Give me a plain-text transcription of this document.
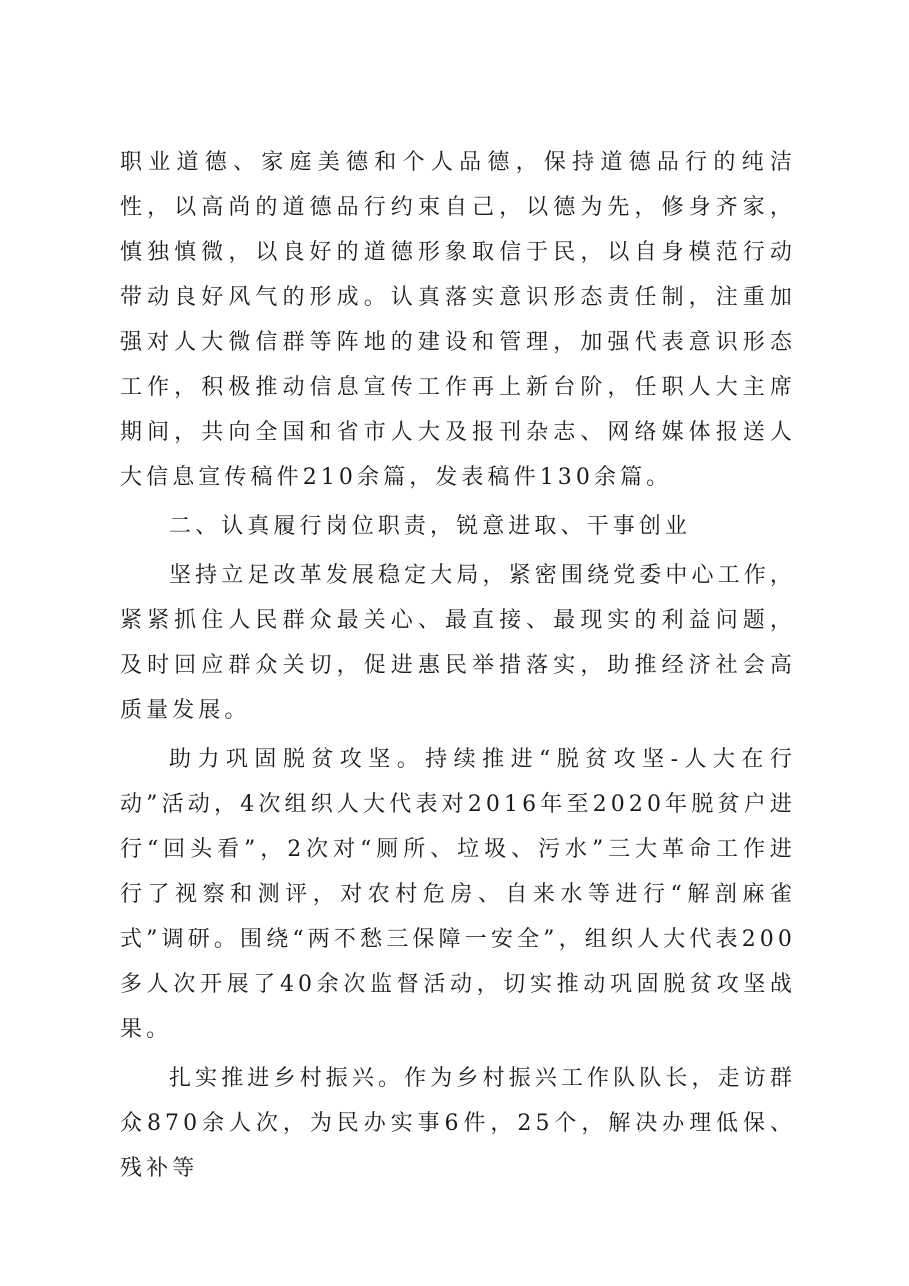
职业道德、家庭美德和个人品德，保持道德品行的纯洁性，以高尚的道德品行约束自己，以德为先，修身齐家，慎独慎微，以良好的道德形象取信于民，以自身模范行动带动良好风气的形成。认真落实意识形态责任制，注重加强对人大微信群等阵地的建设和管理，加强代表意识形态工作，积极推动信息宣传工作再上新台阶，任职人大主席期间，共向全国和省市人大及报刊杂志、网络媒体报送人大信息宣传稿件210余篇，发表稿件130余篇。

二、认真履行岗位职责，锐意进取、干事创业

坚持立足改革发展稳定大局，紧密围绕党委中心工作，紧紧抓住人民群众最关心、最直接、最现实的利益问题，及时回应群众关切，促进惠民举措落实，助推经济社会高质量发展。

助力巩固脱贫攻坚。持续推进“脱贫攻坚-人大在行动”活动，4次组织人大代表对2016年至2020年脱贫户进行“回头看”，2次对“厕所、垃圾、污水”三大革命工作进行了视察和测评，对农村危房、自来水等进行“解剖麻雀式”调研。围绕“两不愁三保障一安全”，组织人大代表200多人次开展了40余次监督活动，切实推动巩固脱贫攻坚战果。

扎实推进乡村振兴。作为乡村振兴工作队队长，走访群众870余人次，为民办实事6件，25个，解决办理低保、残补等
